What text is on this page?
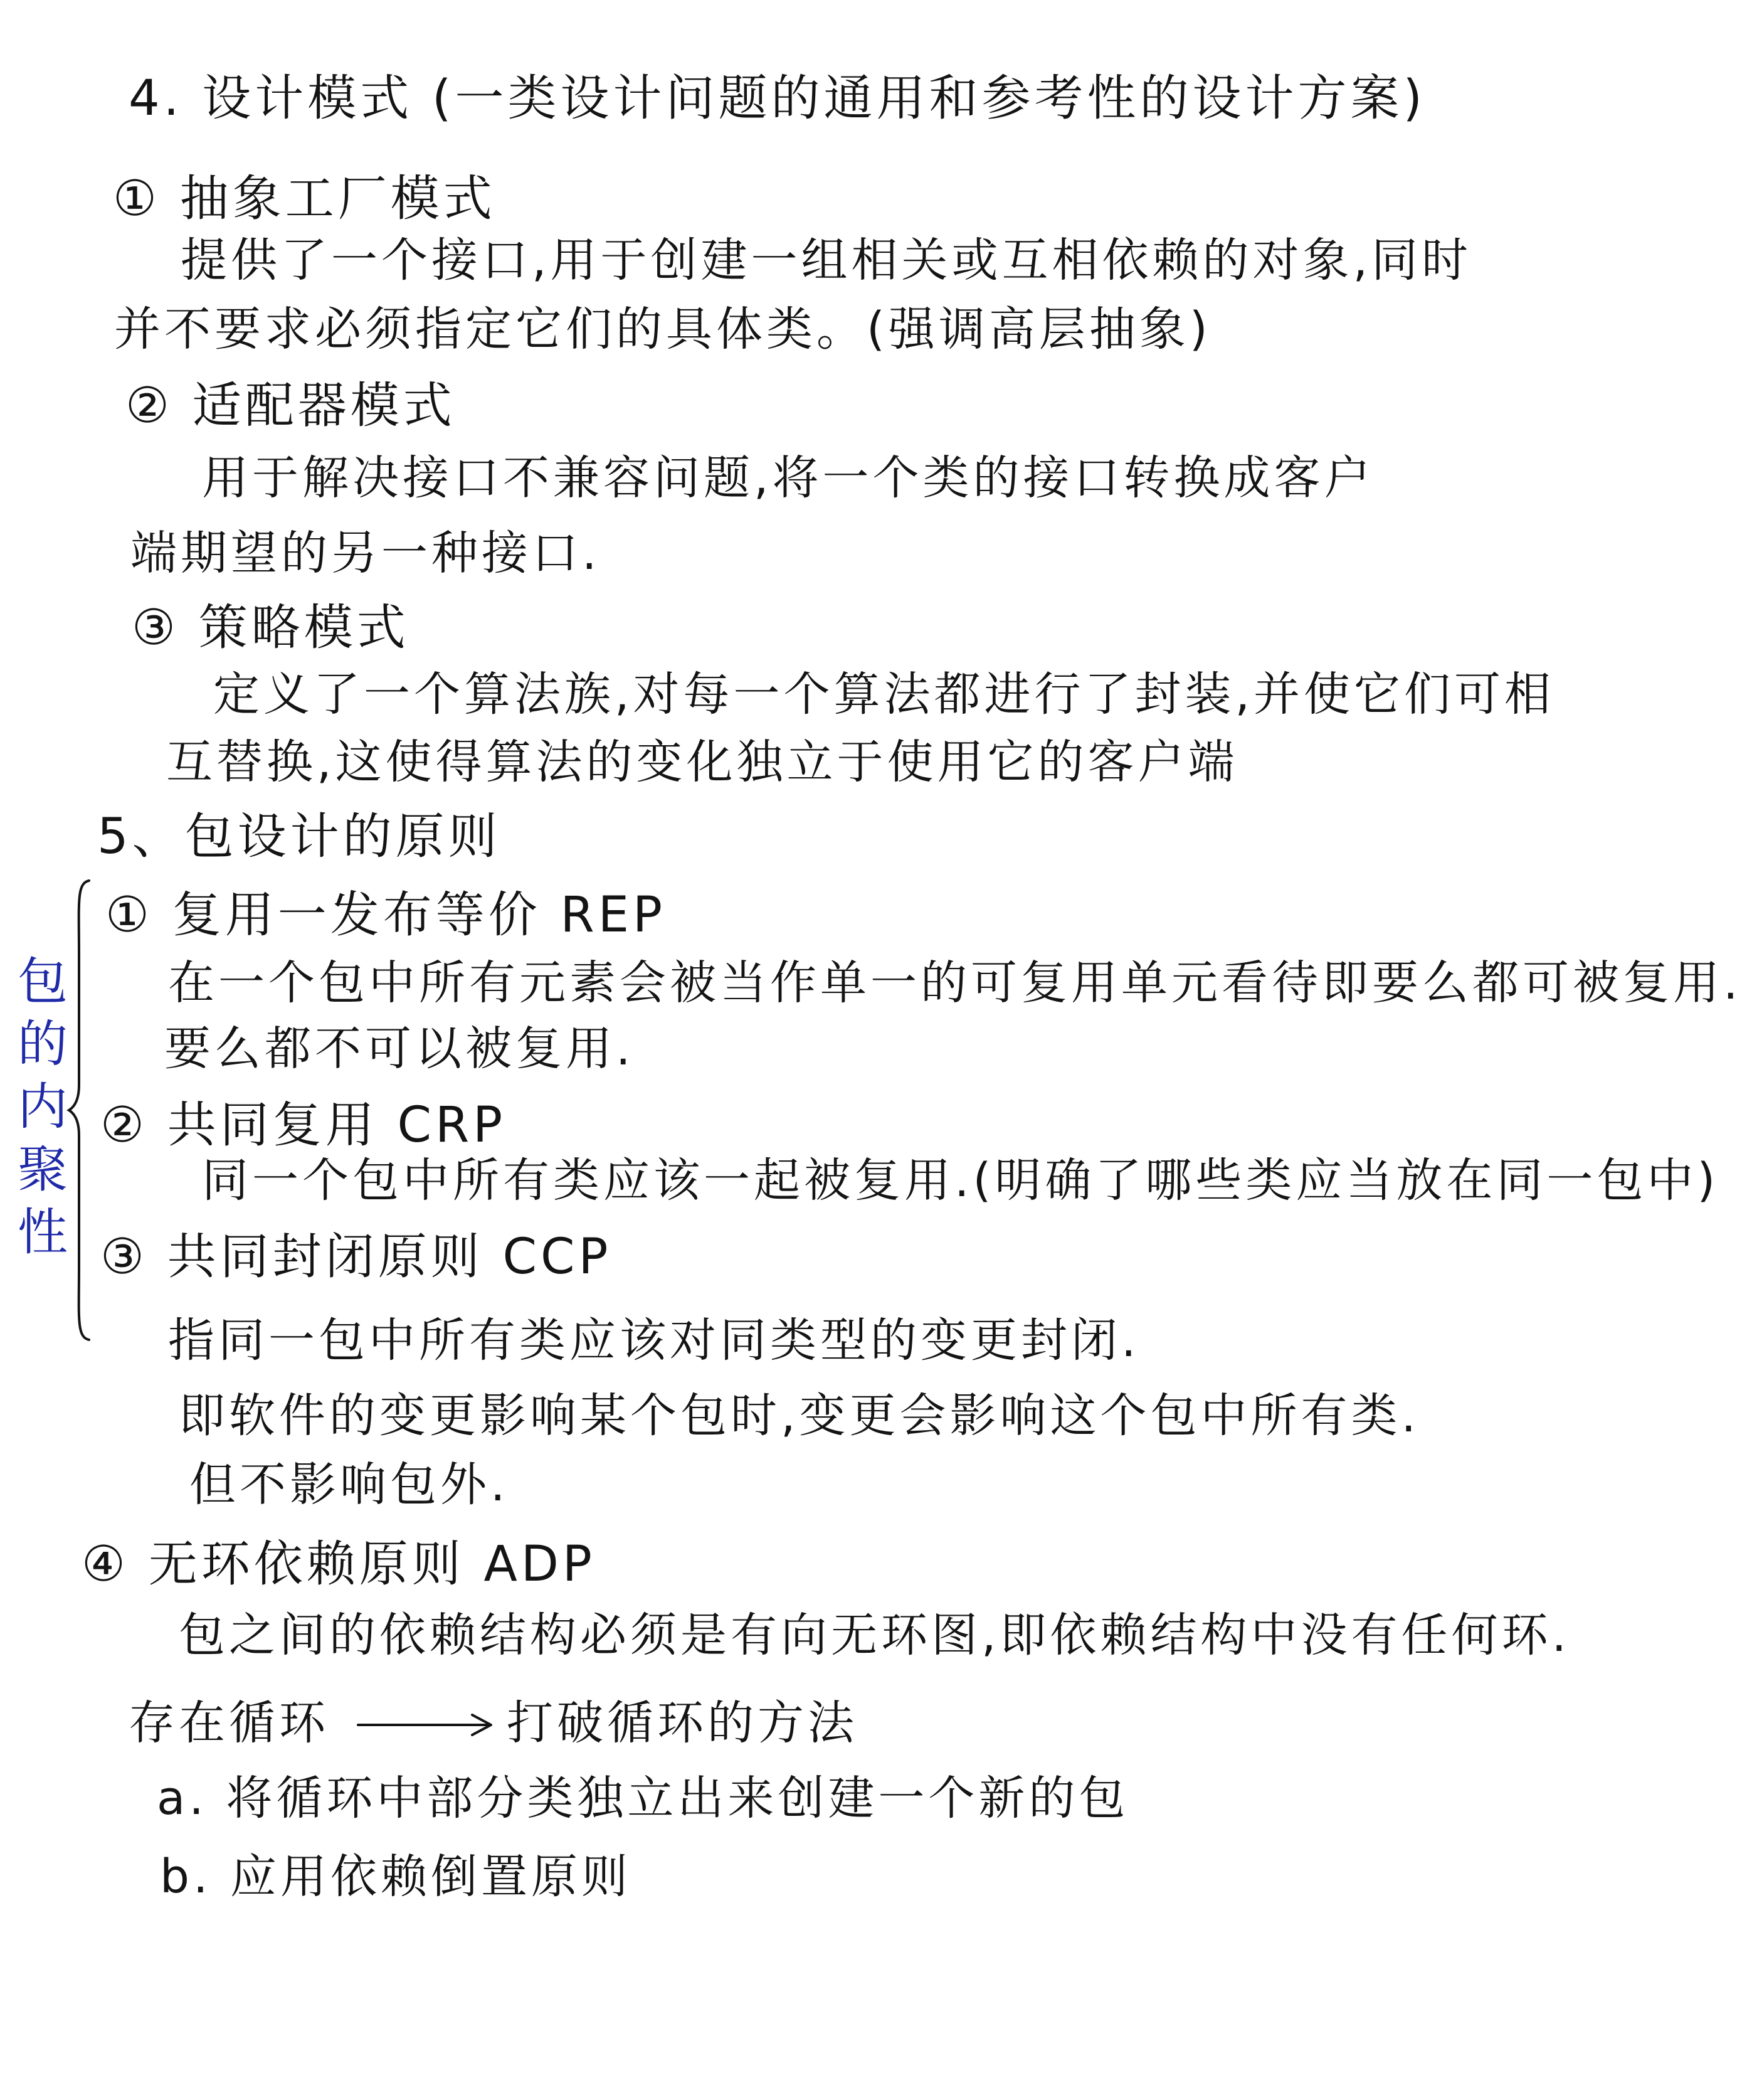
4. 设计模式 (一类设计问题的通用和参考性的设计方案)
① 抽象工厂模式
提供了一个接口,用于创建一组相关或互相依赖的对象,同时
并不要求必须指定它们的具体类。(强调高层抽象)
② 适配器模式
用于解决接口不兼容问题,将一个类的接口转换成客户
端期望的另一种接口.
③ 策略模式
定义了一个算法族,对每一个算法都进行了封装,并使它们可相
互替换,这使得算法的变化独立于使用它的客户端
5、包设计的原则
包的内聚性
① 复用一发布等价 REP
在一个包中所有元素会被当作单一的可复用单元看待即要么都可被复用.
要么都不可以被复用.
② 共同复用 CRP
同一个包中所有类应该一起被复用.(明确了哪些类应当放在同一包中)
③ 共同封闭原则 CCP
指同一包中所有类应该对同类型的变更封闭.
即软件的变更影响某个包时,变更会影响这个包中所有类.
但不影响包外.
④ 无环依赖原则 ADP
包之间的依赖结构必须是有向无环图,即依赖结构中没有任何环.
存在循环	打破循环的方法
a. 将循环中部分类独立出来创建一个新的包
b. 应用依赖倒置原则
